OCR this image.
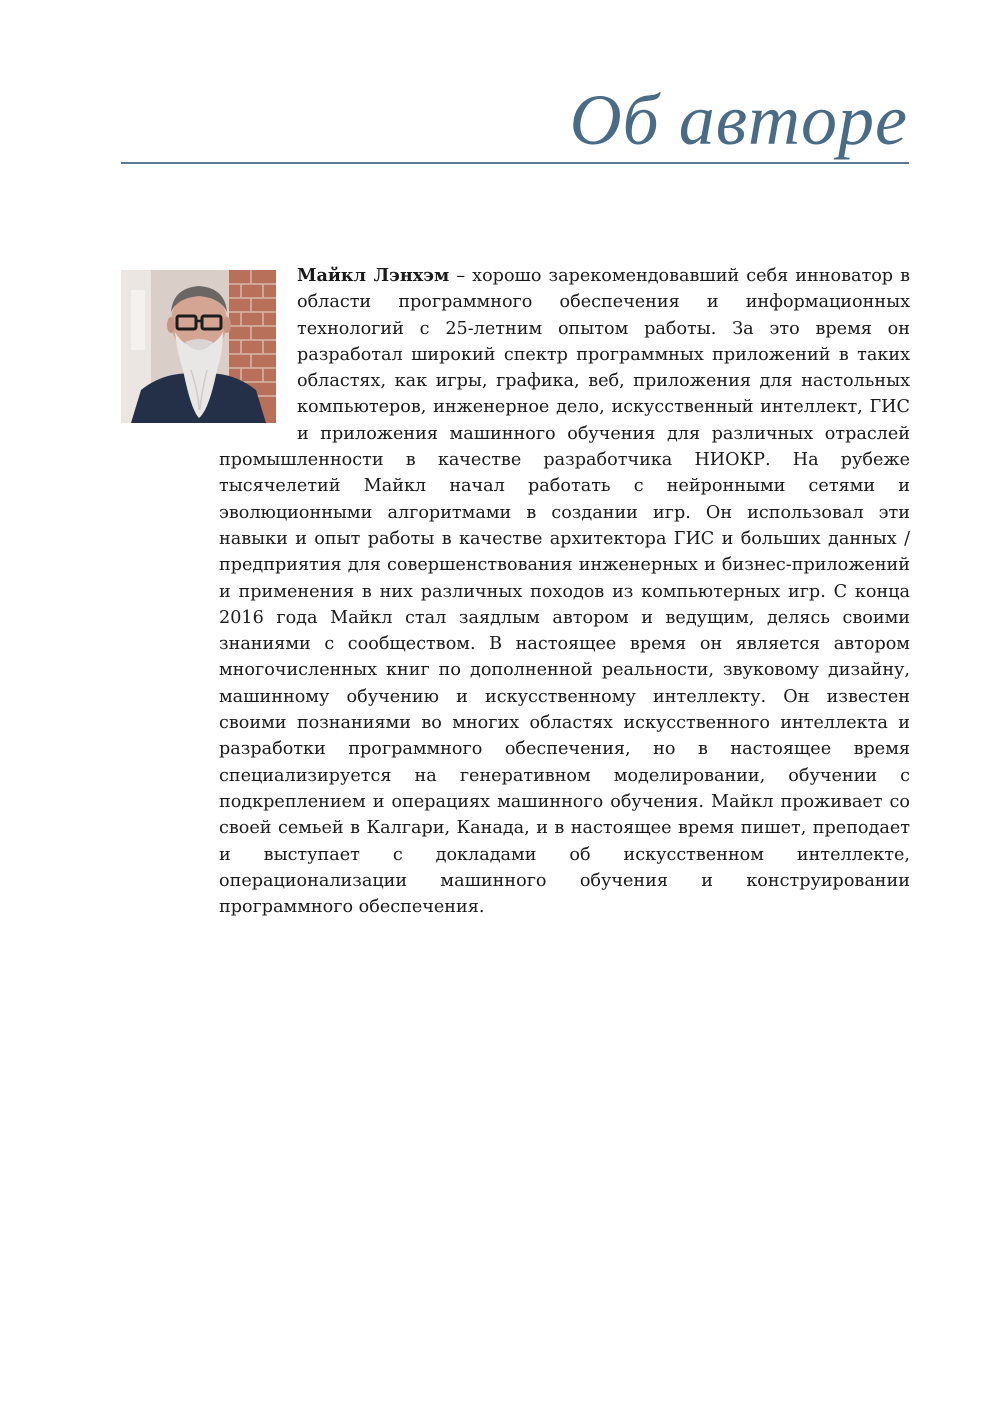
Об авторе
Майкл Лэнхэм – хорошо зарекомендовавший себя инноватор в области программного обеспечения и информационных технологий с 25-летним опытом работы. За это время он разработал широкий спектр программных приложений в таких областях, как игры, графика, веб, приложения для настольных компьютеров, инженерное дело, искусственный интеллект, ГИС и приложения машинного обучения для различных отраслей промышленности в качестве разработчика НИОКР. На рубеже тысячелетий Майкл начал работать с нейронными сетями и эволюционными алгоритмами в создании игр. Он использовал эти навыки и опыт работы в качестве архитектора ГИС и больших данных / предприятия для совершенствования инженерных и бизнес-приложений и применения в них различных походов из компьютерных игр. С конца 2016 года Майкл стал заядлым автором и ведущим, делясь своими знаниями с сообществом. В настоящее время он является автором многочисленных книг по дополненной реальности, звуковому дизайну, машинному обучению и искусственному интеллекту. Он известен своими познаниями во многих областях искусственного интеллекта и разработки программного обеспечения, но в настоящее время специализируется на генеративном моделировании, обучении с подкреплением и операциях машинного обучения. Майкл проживает со своей семьей в Калгари, Канада, и в настоящее время пишет, преподает и выступает с докладами об искусственном интеллекте, операционализации машинного обучения и конструировании программного обеспечения.
